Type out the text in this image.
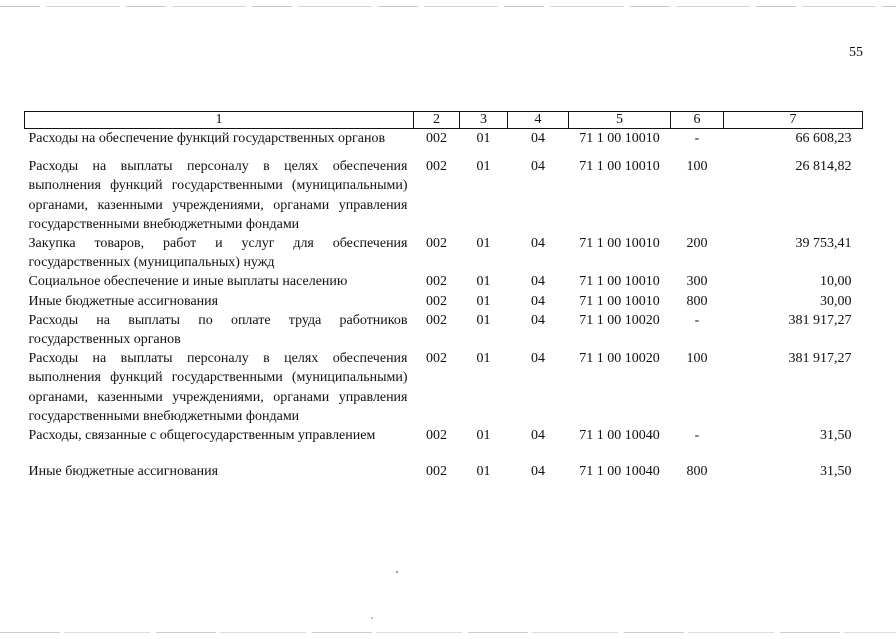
55
1	2	3	4	5	6	7
Расходы на обеспечение функций государственных органов	002	01	04	71 1 00 10010	-	66 608,23
Расходы на выплаты персоналу в целях обеспечения выполнения функций государственными (муниципальными) органами, казенными учреждениями, органами управления государственными внебюджетными фондами	002	01	04	71 1 00 10010	100	26 814,82
Закупка товаров, работ и услуг для обеспечения государственных (муниципальных) нужд	002	01	04	71 1 00 10010	200	39 753,41
Социальное обеспечение и иные выплаты населению	002	01	04	71 1 00 10010	300	10,00
Иные бюджетные ассигнования	002	01	04	71 1 00 10010	800	30,00
Расходы на выплаты по оплате труда работников государственных органов	002	01	04	71 1 00 10020	-	381 917,27
Расходы на выплаты персоналу в целях обеспечения выполнения функций государственными (муниципальными) органами, казенными учреждениями, органами управления государственными внебюджетными фондами	002	01	04	71 1 00 10020	100	381 917,27
Расходы, связанные с общегосударственным управлением	002	01	04	71 1 00 10040	-	31,50
Иные бюджетные ассигнования	002	01	04	71 1 00 10040	800	31,50
